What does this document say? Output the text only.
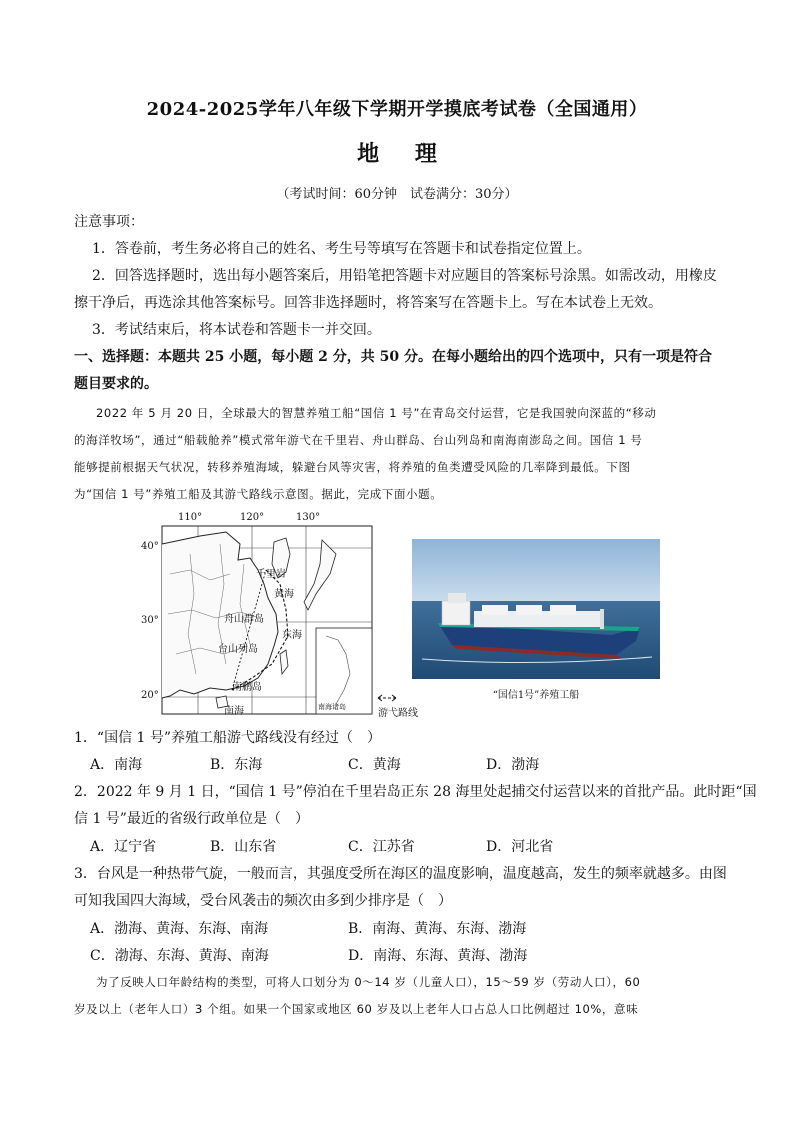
2024-2025学年八年级下学期开学摸底考试卷（全国通用）
地 理
（考试时间：60分钟　试卷满分：30分）
注意事项：
1．答卷前，考生务必将自己的姓名、考生号等填写在答题卡和试卷指定位置上。
2．回答选择题时，选出每小题答案后，用铅笔把答题卡对应题目的答案标号涂黑。如需改动，用橡皮
擦干净后，再选涂其他答案标号。回答非选择题时，将答案写在答题卡上。写在本试卷上无效。
3．考试结束后，将本试卷和答题卡一并交回。
一、选择题：本题共 25 小题，每小题 2 分，共 50 分。在每小题给出的四个选项中，只有一项是符合
题目要求的。
2022 年 5 月 20 日，全球最大的智慧养殖工船“国信 1 号”在青岛交付运营，它是我国驶向深蓝的“移动
的海洋牧场”，通过“船载舱养”模式常年游弋在千里岩、舟山群岛、台山列岛和南海南澎岛之间。国信 1 号
能够提前根据天气状况，转移养殖海域，躲避台风等灾害，将养殖的鱼类遭受风险的几率降到最低。下图
为“国信 1 号”养殖工船及其游弋路线示意图。据此，完成下面小题。
110°	120°	130°
40°
30°
20°
千里岩
黄海
舟山群岛
东海
台山列岛
南鹏岛
南海	南海诸岛
游弋路线
“国信1号”养殖工船
1．“国信 1 号”养殖工船游弋路线没有经过（　）
A．南海	B．东海	C．黄海	D．渤海
2．2022 年 9 月 1 日，“国信 1 号”停泊在千里岩岛正东 28 海里处起捕交付运营以来的首批产品。此时距“国
信 1 号”最近的省级行政单位是（　）
A．辽宁省	B．山东省	C．江苏省	D．河北省
3．台风是一种热带气旋，一般而言，其强度受所在海区的温度影响，温度越高，发生的频率就越多。由图
可知我国四大海域，受台风袭击的频次由多到少排序是（　）
A．渤海、黄海、东海、南海	B．南海、黄海、东海、渤海
C．渤海、东海、黄海、南海	D．南海、东海、黄海、渤海
为了反映人口年龄结构的类型，可将人口划分为 0～14 岁（儿童人口），15～59 岁（劳动人口），60
岁及以上（老年人口）3 个组。如果一个国家或地区 60 岁及以上老年人口占总人口比例超过 10%，意味
